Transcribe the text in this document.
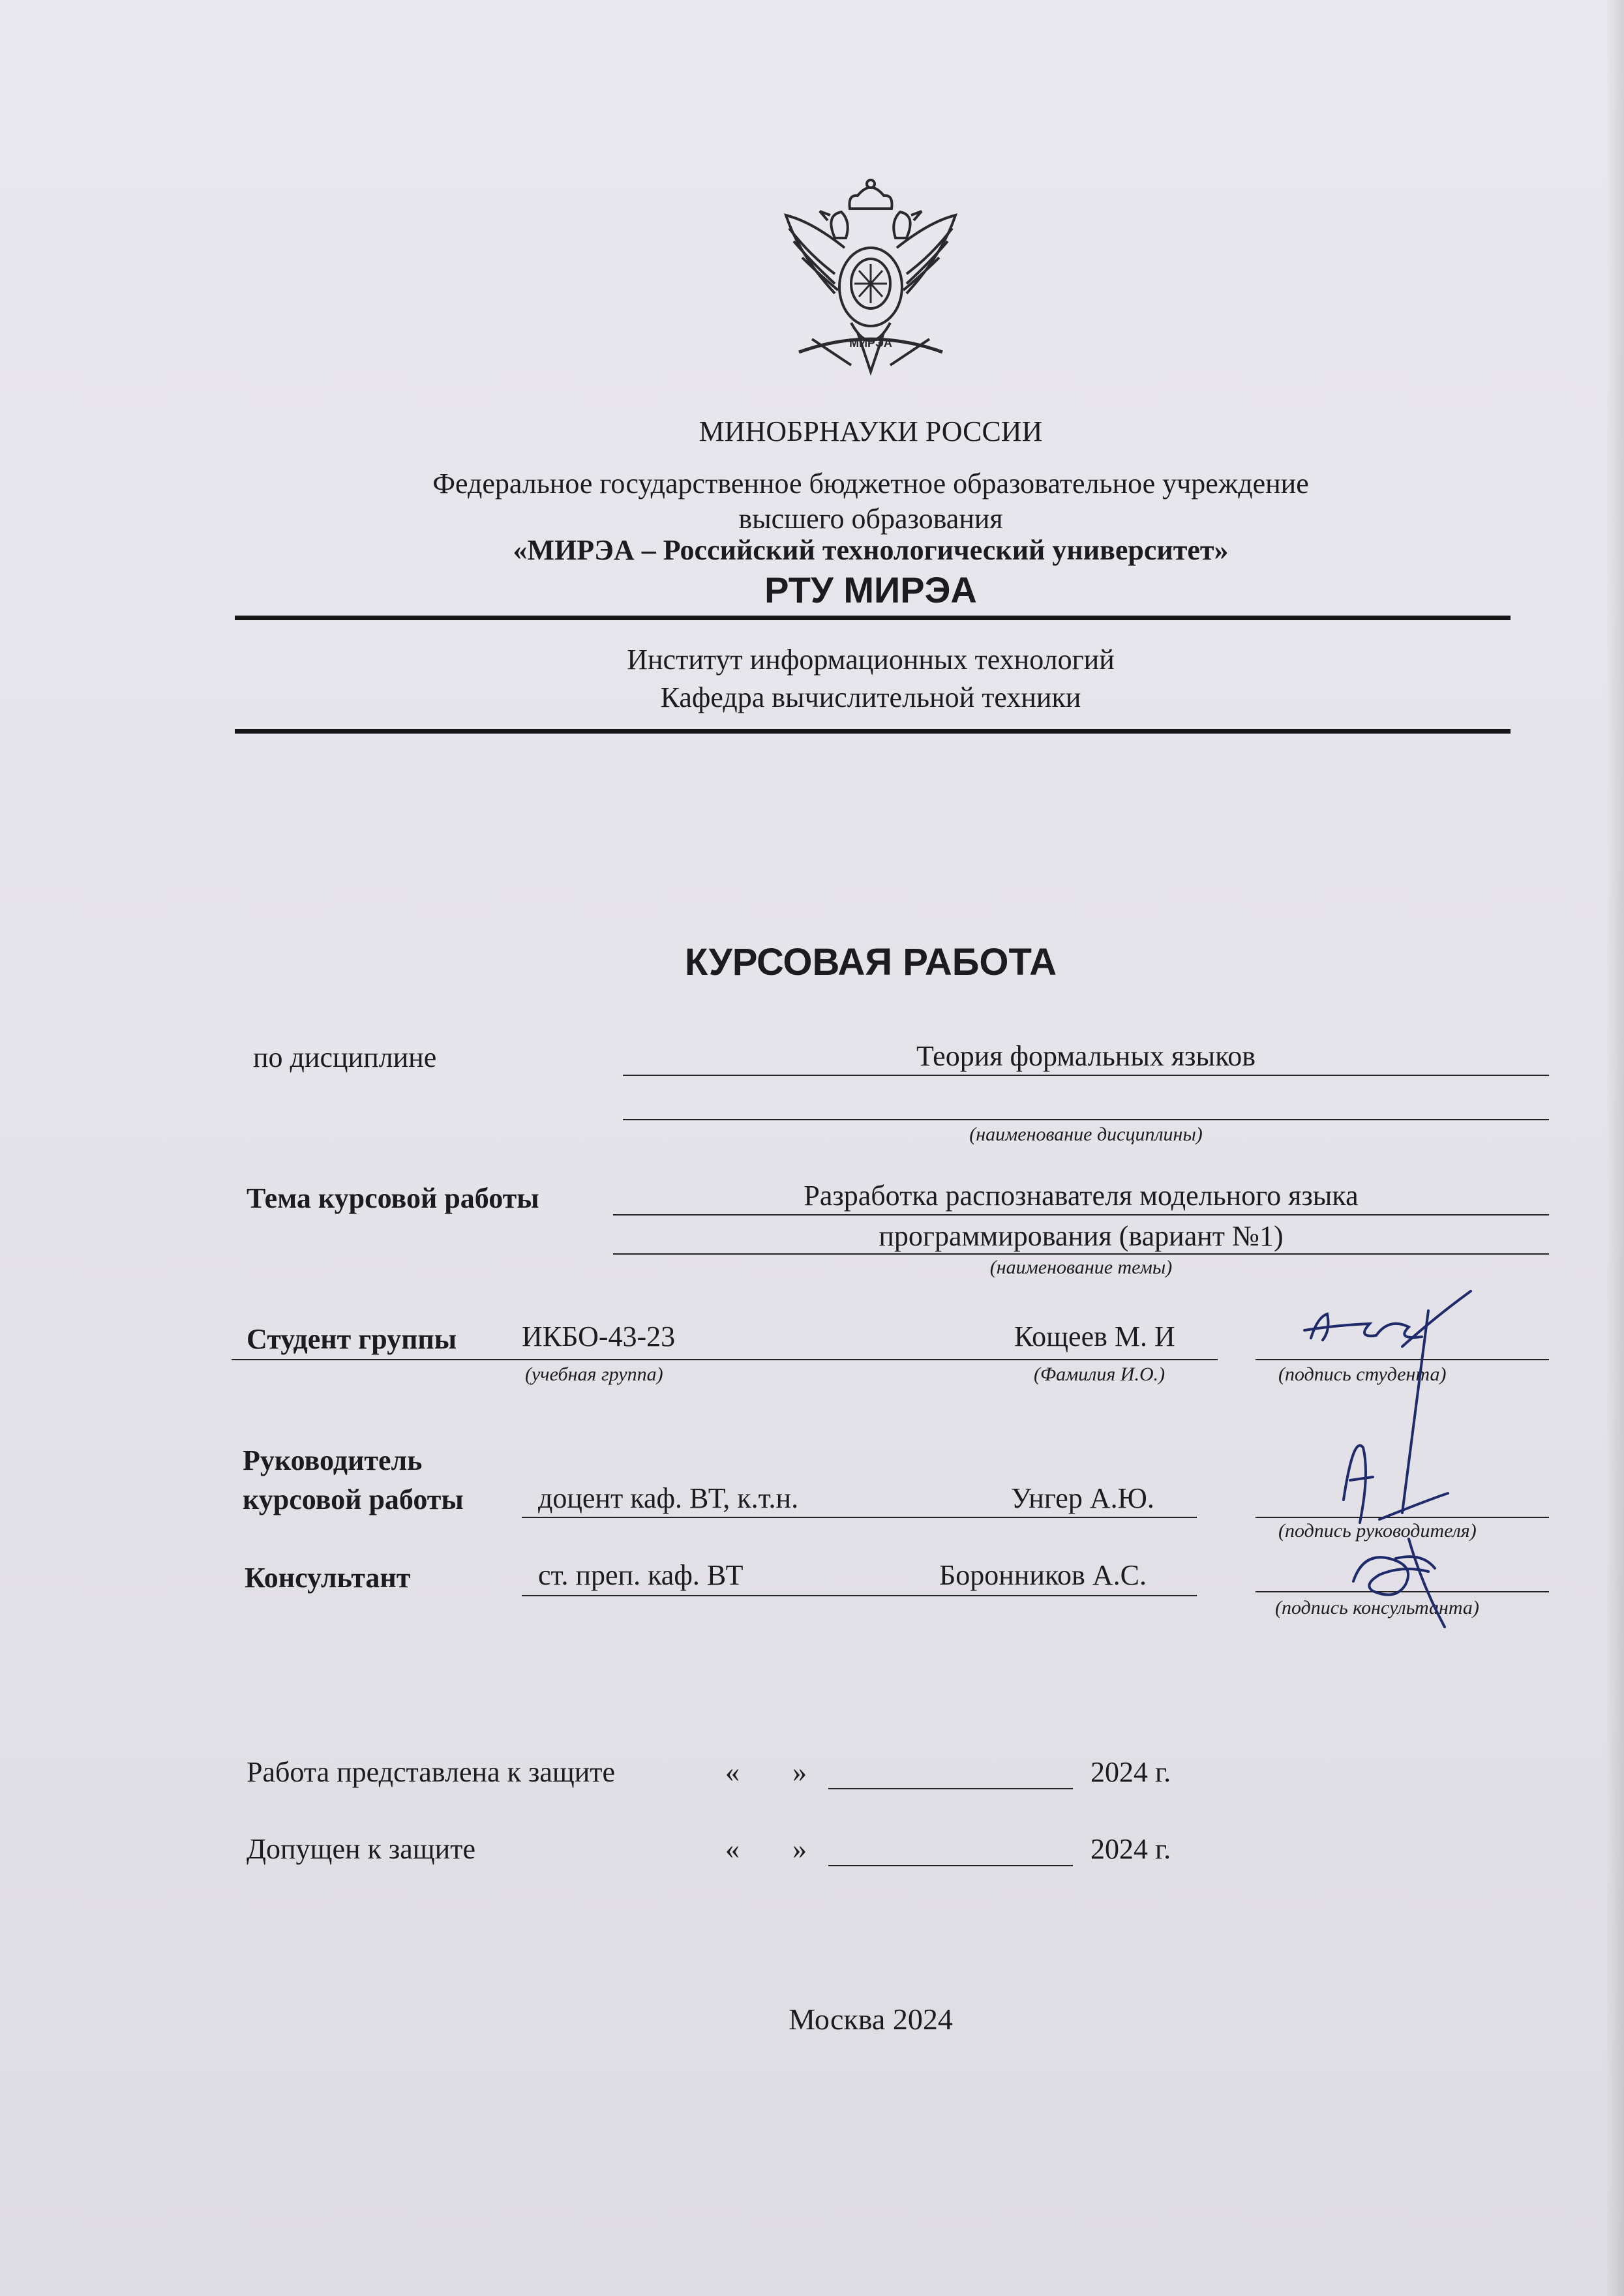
МИРЭА
МИНОБРНАУКИ РОССИИ
Федеральное государственное бюджетное образовательное учреждение
высшего образования
«МИРЭА – Российский технологический университет»
РТУ МИРЭА
Институт информационных технологий
Кафедра вычислительной техники
КУРСОВАЯ РАБОТА
по дисциплине	Теория формальных языков
(наименование дисциплины)
Тема курсовой работы	Разработка распознавателя модельного языка
программирования (вариант №1)
(наименование темы)
Студент группы ИКБО-43-23	Кощеев М. И
(учебная группа)	(Фамилия И.О.)	(подпись студента)
Руководитель
курсовой работы	доцент каф. ВТ, к.т.н.	Унгер А.Ю.
(подпись руководителя)
Консультант	ст. преп. каф. ВТ	Боронников А.С.
(подпись консультанта)
Работа представлена к защите	« »	2024 г.
Допущен к защите	« »	2024 г.
Москва 2024
